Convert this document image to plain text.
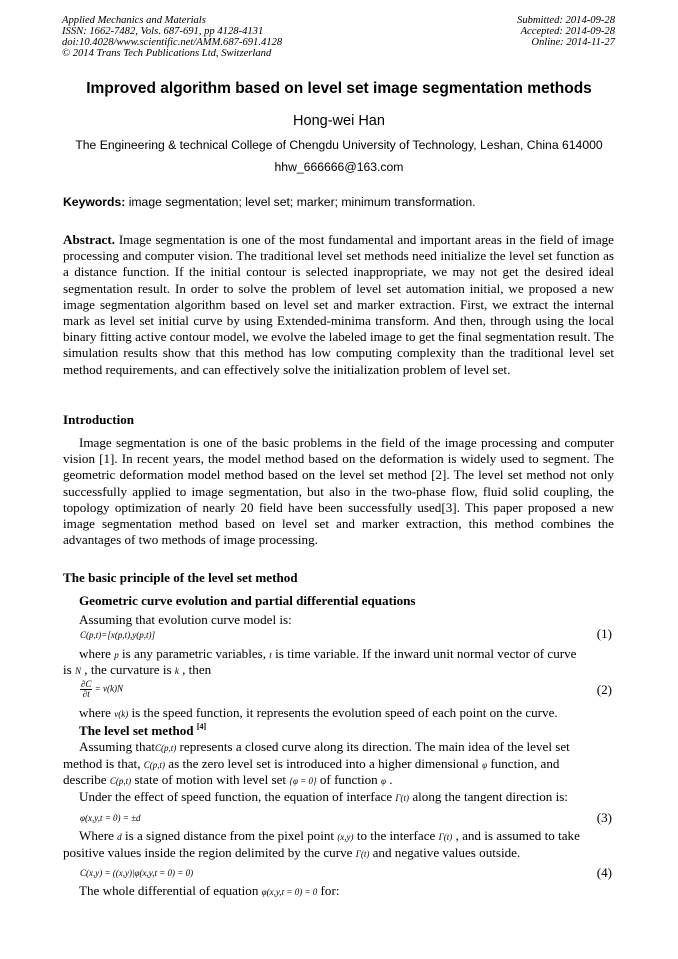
Applied Mechanics and Materials
ISSN: 1662-7482, Vols. 687-691, pp 4128-4131
doi:10.4028/www.scientific.net/AMM.687-691.4128
© 2014 Trans Tech Publications Ltd, Switzerland
Submitted: 2014-09-28
Accepted: 2014-09-28
Online: 2014-11-27
Improved algorithm based on level set image segmentation methods
Hong-wei Han
The Engineering & technical College of Chengdu University of Technology, Leshan, China 614000
hhw_666666@163.com
Keywords: image segmentation; level set; marker; minimum transformation.
Abstract. Image segmentation is one of the most fundamental and important areas in the field of image processing and computer vision. The traditional level set methods need initialize the level set function as a distance function. If the initial contour is selected inappropriate, we may not get the desired ideal segmentation result. In order to solve the problem of level set automation initial, we proposed a new image segmentation algorithm based on level set and marker extraction. First, we extract the internal mark as level set initial curve by using Extended-minima transform. And then, through using the local binary fitting active contour model, we evolve the labeled image to get the final segmentation result. The simulation results show that this method has low computing complexity than the traditional level set method requirements, and can effectively solve the initialization problem of level set.
Introduction
Image segmentation is one of the basic problems in the field of the image processing and computer vision [1]. In recent years, the model method based on the deformation is widely used to segment. The geometric deformation model method based on the level set method [2]. The level set method not only successfully applied to image segmentation, but also in the two-phase flow, fluid solid coupling, the topology optimization of nearly 20 field have been successfully used[3]. This paper proposed a new image segmentation method based on level set and marker extraction, this method combines the advantages of two methods of image processing.
The basic principle of the level set method
Geometric curve evolution and partial differential equations
Assuming that evolution curve model is:
C(p,t)=[x(p,t),y(p,t)]	(1)
where p is any parametric variables, t is time variable. If the inward unit normal vector of curve
is N , the curvature is k , then
$\frac{\partial C}{\partial t} = v(k)N$	(2)
where v(k) is the speed function, it represents the evolution speed of each point on the curve.
The level set method [4]
Assuming thatC(p,t) represents a closed curve along its direction. The main idea of the level set
method is that, C(p,t) as the zero level set is introduced into a higher dimensional φ function, and
describe C(p,t) state of motion with level set {φ = 0} of function φ .
Under the effect of speed function, the equation of interface Γ(t) along the tangent direction is:
φ(x,y,t = 0) = ±d	(3)
Where d is a signed distance from the pixel point (x,y) to the interface Γ(t) , and is assumed to take
positive values inside the region delimited by the curve Γ(t) and negative values outside.
C(x,y) = ((x,y)|φ(x,y,t = 0) = 0)	(4)
The whole differential of equation φ(x,y,t = 0) = 0 for:
